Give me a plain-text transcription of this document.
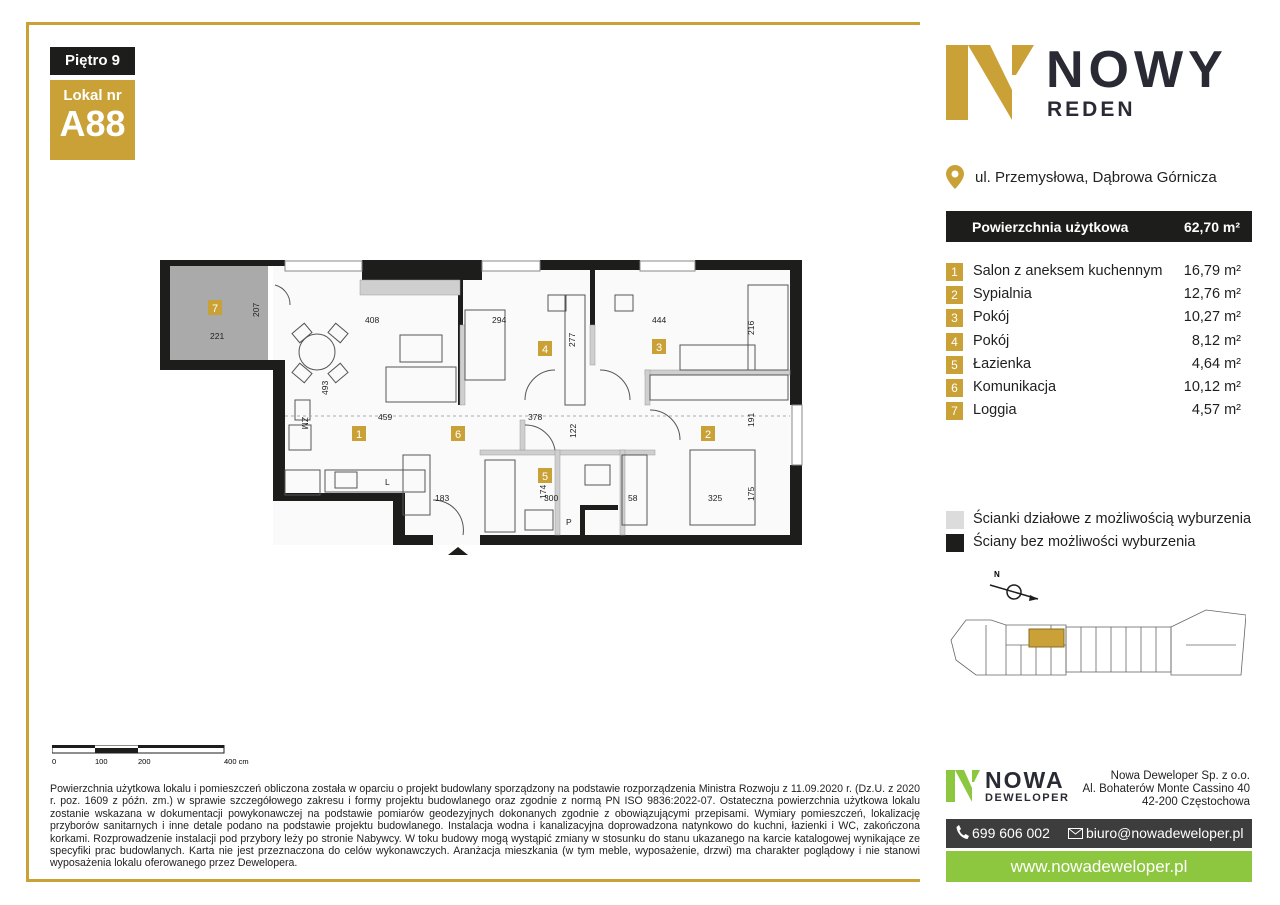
Piętro 9
Lokal nr
A88
7
4	3
1	6	2
5
207
221
408	294	444
277
216
493
459	378
122
191
183	300
174	58	325	175
ZM
L
P
0	100	200	400 cm
Powierzchnia użytkowa lokalu i pomieszczeń obliczona została w oparciu o projekt budowlany sporządzony na podstawie rozporządzenia Ministra Rozwoju z 11.09.2020 r. (Dz.U. z 2020 r. poz. 1609 z późn. zm.) w sprawie szczegółowego zakresu i formy projektu budowlanego oraz zgodnie z normą PN ISO 9836:2022-07. Ostateczna powierzchnia użytkowa lokalu zostanie wskazana w dokumentacji powykonawczej na podstawie pomiarów geodezyjnych dokonanych zgodnie z obowiązującymi przepisami. Wymiary pomieszczeń, lokalizację przyborów sanitarnych i inne detale podano na podstawie projektu budowlanego. Instalacja wodna i kanalizacyjna doprowadzona natynkowo do kuchni, łazienki i WC, zakończona korkami. Rozprowadzenie instalacji pod przybory leży po stronie Nabywcy. W toku budowy mogą wystąpić zmiany w stosunku do stanu ukazanego na karcie katalogowej wynikające ze specyfiki prac budowlanych. Karta nie jest przeznaczona do celów wykonawczych. Aranżacja mieszkania (w tym meble, wyposażenie, drzwi) ma charakter poglądowy i nie stanowi wyposażenia lokalu oferowanego przez Dewelopera.
NOWY
REDEN
ul. Przemysłowa, Dąbrowa Górnicza
Powierzchnia użytkowa	62,70 m²
1	Salon z aneksem kuchennym 16,79 m²
2	Sypialnia	12,76 m²
3	Pokój	10,27 m²
4	Pokój	8,12 m²
5	Łazienka	4,64 m²
6	Komunikacja	10,12 m²
7	Loggia	4,57 m²
Ścianki działowe z możliwością wyburzenia
Ściany bez możliwości wyburzenia
N
NOWA
DEWELOPER
Nowa Deweloper Sp. z o.o.
Al. Bohaterów Monte Cassino 40
42-200 Częstochowa
699 606 002	biuro@nowadeweloper.pl
www.nowadeweloper.pl
